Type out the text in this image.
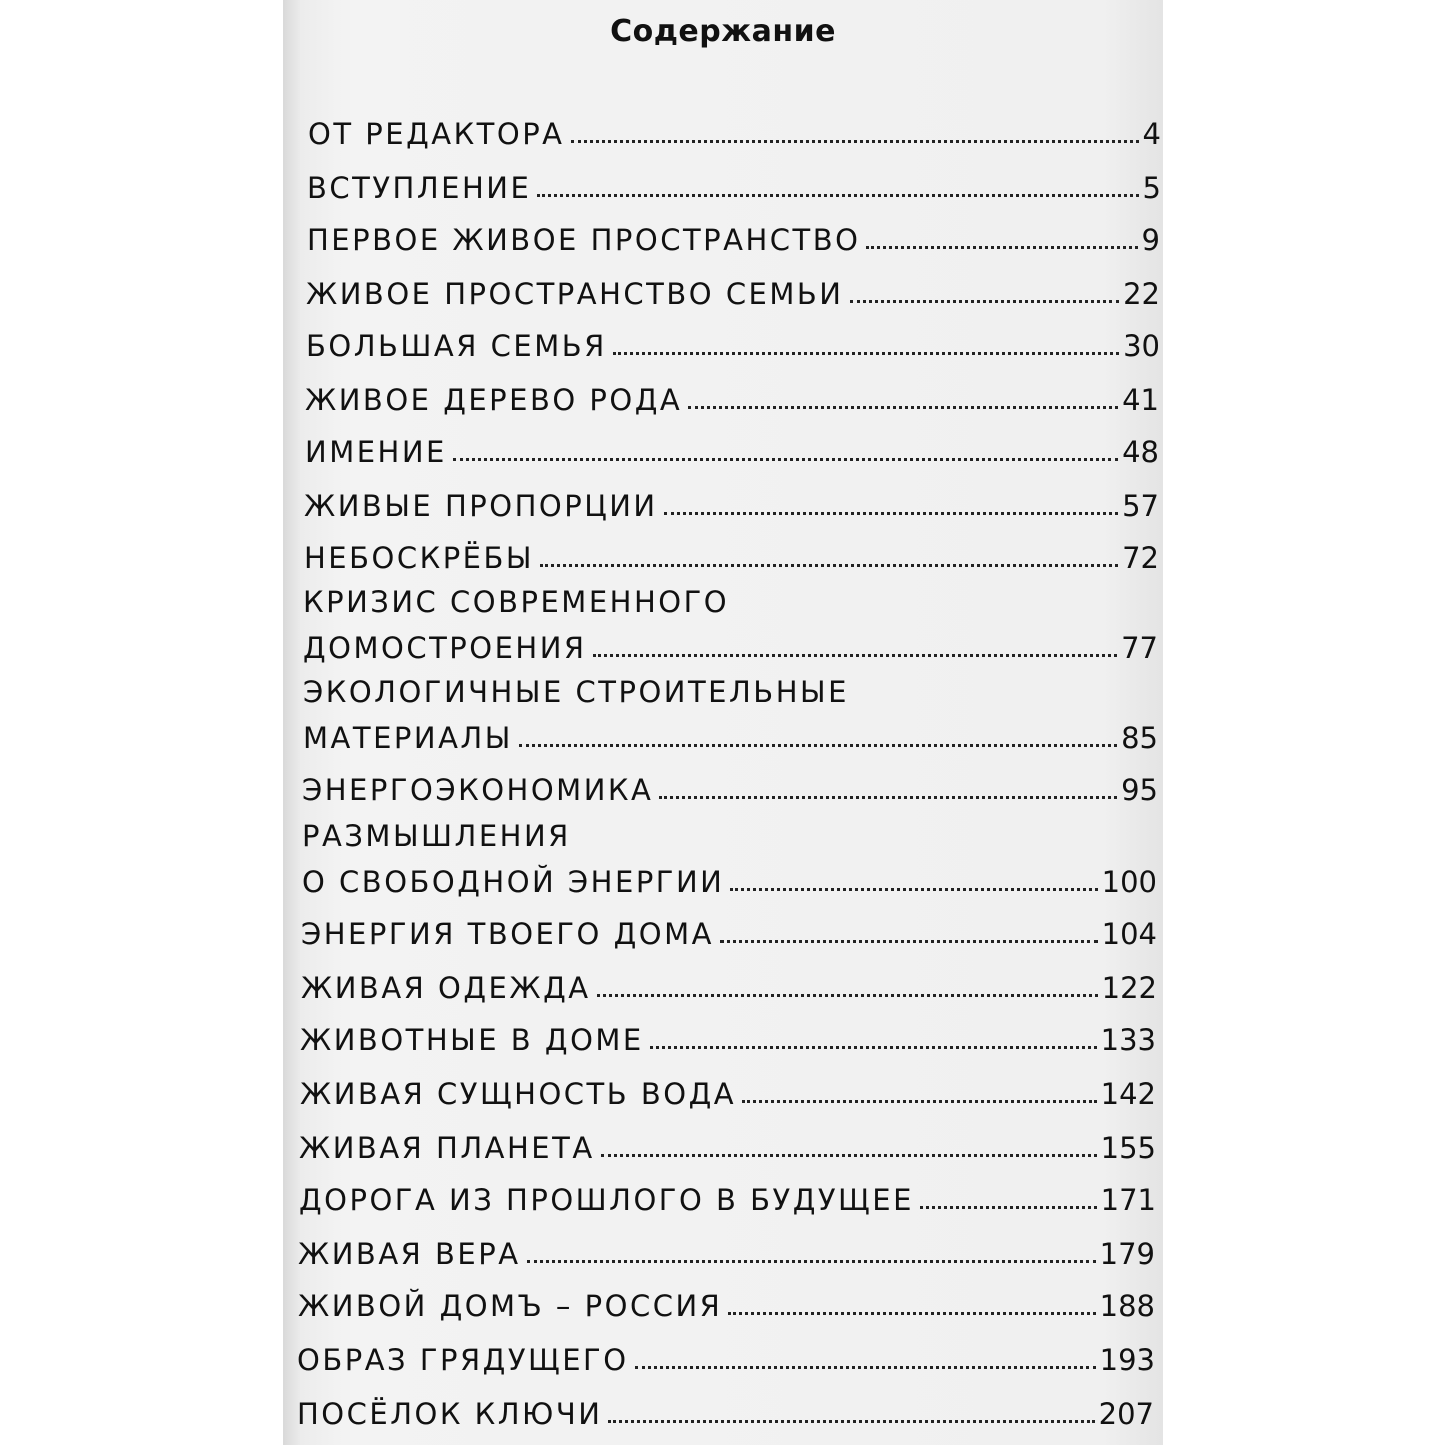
Содержание
ОТ РЕДАКТОРА	4
ВСТУПЛЕНИЕ	5
ПЕРВОЕ ЖИВОЕ ПРОСТРАНСТВО	9
ЖИВОЕ ПРОСТРАНСТВО СЕМЬИ	22
БОЛЬШАЯ СЕМЬЯ	30
ЖИВОЕ ДЕРЕВО РОДА	41
ИМЕНИЕ	48
ЖИВЫЕ ПРОПОРЦИИ	57
НЕБОСКРЁБЫ	72
КРИЗИС СОВРЕМЕННОГО
ДОМОСТРОЕНИЯ	77
ЭКОЛОГИЧНЫЕ СТРОИТЕЛЬНЫЕ
МАТЕРИАЛЫ	85
ЭНЕРГОЭКОНОМИКА	95
РАЗМЫШЛЕНИЯ
О СВОБОДНОЙ ЭНЕРГИИ	100
ЭНЕРГИЯ ТВОЕГО ДОМА	104
ЖИВАЯ ОДЕЖДА	122
ЖИВОТНЫЕ В ДОМЕ	133
ЖИВАЯ СУЩНОСТЬ ВОДА	142
ЖИВАЯ ПЛАНЕТА	155
ДОРОГА ИЗ ПРОШЛОГО В БУДУЩЕЕ	171
ЖИВАЯ ВЕРА	179
ЖИВОЙ ДОМЪ – РОССИЯ	188
ОБРАЗ ГРЯДУЩЕГО	193
ПОСЁЛОК КЛЮЧИ	207
